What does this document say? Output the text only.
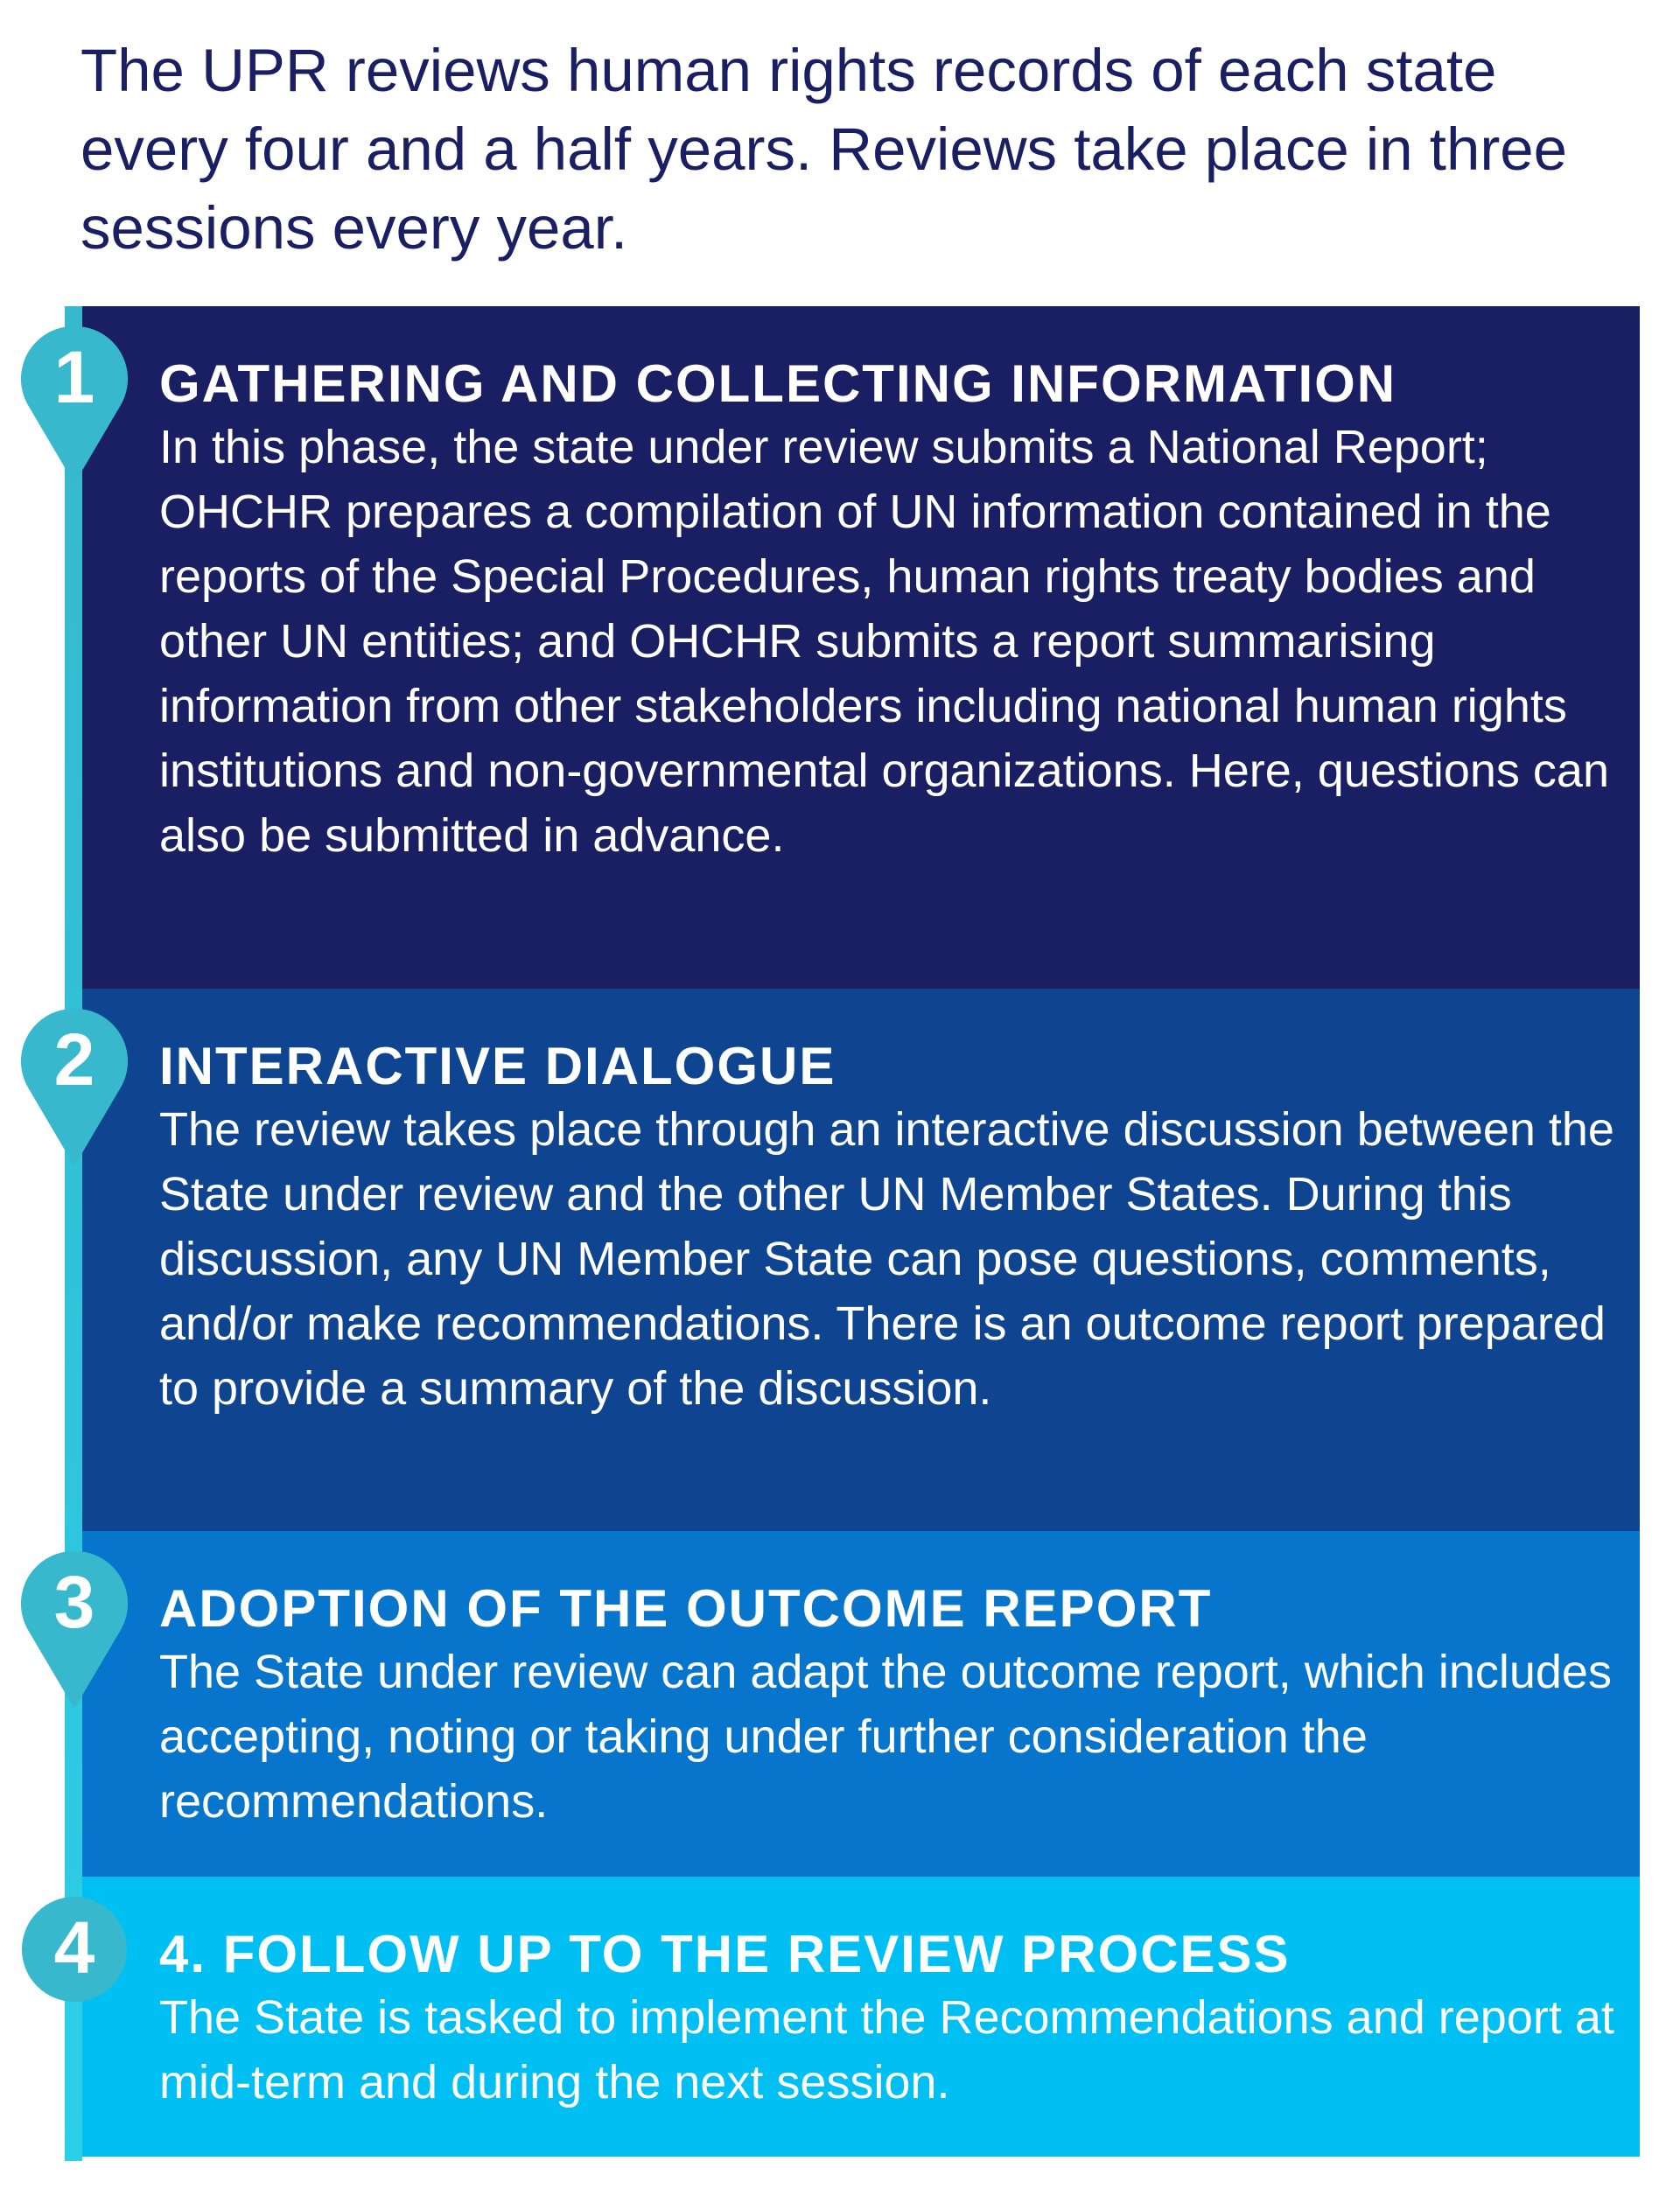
The UPR reviews human rights records of each state every four and a half years. Reviews take place in three sessions every year.
GATHERING AND COLLECTING INFORMATION
In this phase, the state under review submits a National Report; OHCHR prepares a compilation of UN information contained in the reports of the Special Procedures, human rights treaty bodies and other UN entities; and OHCHR submits a report summarising information from other stakeholders including national human rights institutions and non-governmental organizations. Here, questions can also be submitted in advance.
INTERACTIVE DIALOGUE
The review takes place through an interactive discussion between the State under review and the other UN Member States. During this discussion, any UN Member State can pose questions, comments, and/or make recommendations. There is an outcome report prepared to provide a summary of the discussion.
ADOPTION OF THE OUTCOME REPORT
The State under review can adapt the outcome report, which includes accepting, noting or taking under further consideration the recommendations.
4. FOLLOW UP TO THE REVIEW PROCESS
The State is tasked to implement the Recommendations and report at mid-term and during the next session.
1
2
3
4
